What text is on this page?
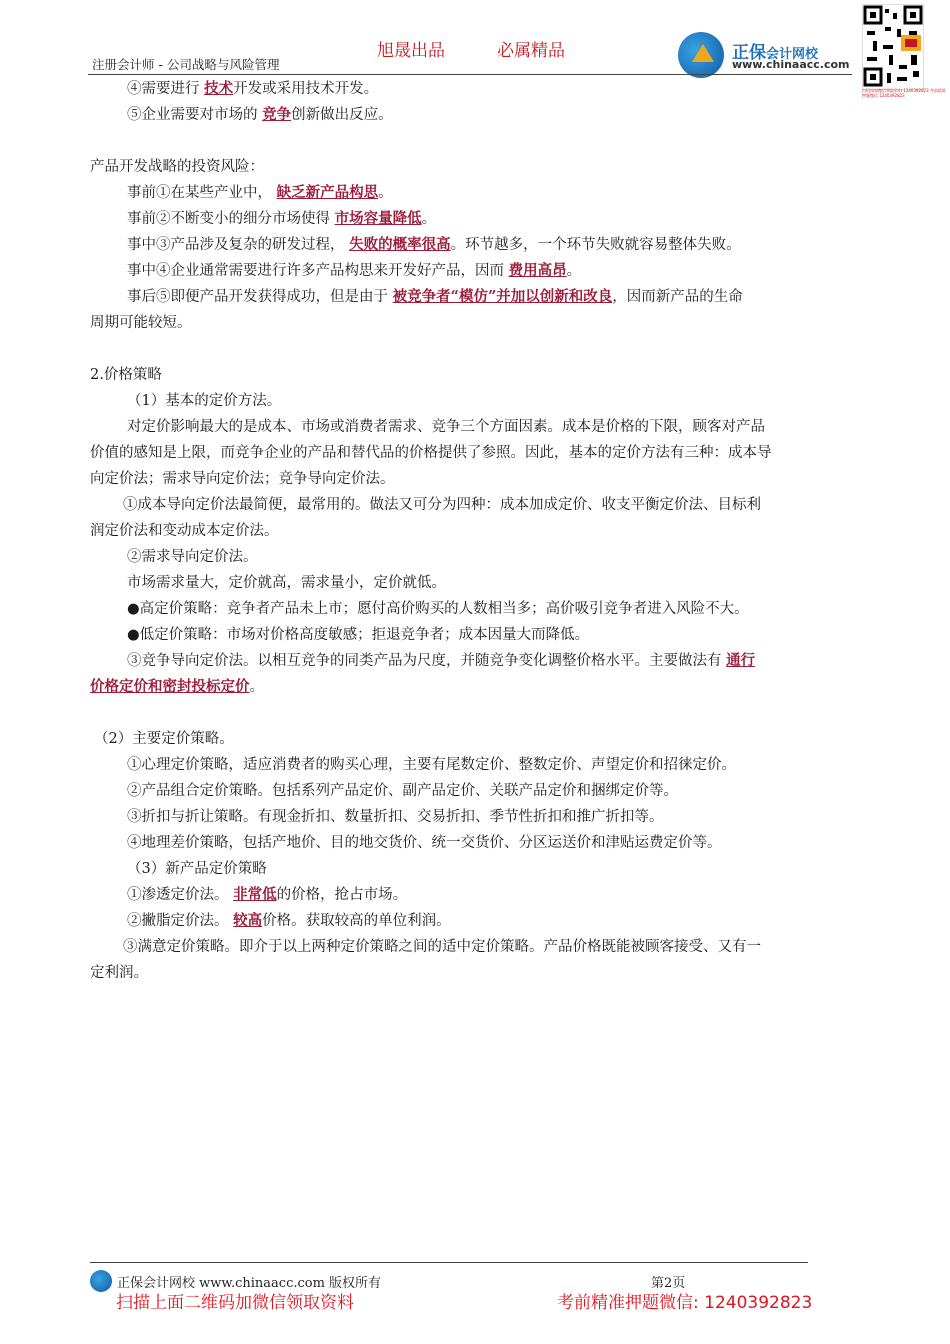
注册会计师 - 公司战略与风险管理
旭晟出品	必属精品	正保会计网校
www.chinaacc.com
扫码添加微信领取资料 1240392823 考前精准押题微信 1240392823

④需要进行 技术开发或采用技术开发。

⑤企业需要对市场的 竞争创新做出反应。

产品开发战略的投资风险：

事前①在某些产业中， 缺乏新产品构思。

事前②不断变小的细分市场使得 市场容量降低。

事中③产品涉及复杂的研发过程， 失败的概率很高。环节越多，一个环节失败就容易整体失败。

事中④企业通常需要进行许多产品构思来开发好产品，因而 费用高昂。

事后⑤即便产品开发获得成功，但是由于 被竞争者“模仿”并加以创新和改良，因而新产品的生命

周期可能较短。

2.价格策略

（1）基本的定价方法。

对定价影响最大的是成本、市场或消费者需求、竞争三个方面因素。成本是价格的下限，顾客对产品

价值的感知是上限，而竞争企业的产品和替代品的价格提供了参照。因此，基本的定价方法有三种：成本导

向定价法；需求导向定价法；竞争导向定价法。

①成本导向定价法最简便，最常用的。做法又可分为四种：成本加成定价、收支平衡定价法、目标利

润定价法和变动成本定价法。

②需求导向定价法。

市场需求量大，定价就高，需求量小，定价就低。

●高定价策略：竞争者产品未上市；愿付高价购买的人数相当多；高价吸引竞争者进入风险不大。

●低定价策略：市场对价格高度敏感；拒退竞争者；成本因量大而降低。

③竞争导向定价法。以相互竞争的同类产品为尺度，并随竞争变化调整价格水平。主要做法有 通行

价格定价和密封投标定价。

（2）主要定价策略。

①心理定价策略，适应消费者的购买心理，主要有尾数定价、整数定价、声望定价和招徕定价。

②产品组合定价策略。包括系列产品定价、副产品定价、关联产品定价和捆绑定价等。

③折扣与折让策略。有现金折扣、数量折扣、交易折扣、季节性折扣和推广折扣等。

④地理差价策略，包括产地价、目的地交货价、统一交货价、分区运送价和津贴运费定价等。

（3）新产品定价策略

①渗透定价法。 非常低的价格，抢占市场。

②撇脂定价法。 较高价格。获取较高的单位利润。

③满意定价策略。即介于以上两种定价策略之间的适中定价策略。产品价格既能被顾客接受、又有一

定利润。

正保会计网校 www.chinaacc.com 版权所有	第2页
扫描上面二维码加微信领取资料	考前精准押题微信: 1240392823
